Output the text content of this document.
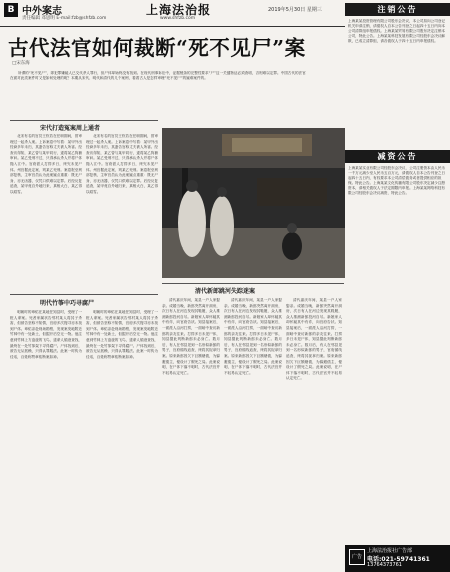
B 中外案志
责任编辑 邓思明 E-mail:fzb@shfzb.com
上海法治报
www.shfzb.com
2019年5月30日 星期三
古代法官如何裁断“死不见尸”案
□宋东海
所谓的“死不见尸”，即犯罪嫌疑人已交代杀人罪行，但尸体却始终没有找到。在现代刑事诉讼中，证据链条的完整性要求“尸”这一关键物证必须查明，否则难以定罪。中国古代的法官在面对此类案件时又是如何处理的呢？本期从宋代、明代和清代的几个案例，看看古人是怎样审理“死不见尸”的疑难案件的。
宋代打造冤案周上通者
北宋有名的官员王钦若在任职期间，曾审理过一起杀人案。上诉案卷中写着：某甲外出经商多年未归，其妻告官称丈夫被人所害。经查访得知，某乙曾与某甲同行，遂将某乙拘捕审问。某乙受刑不过，只得承认杀人并将尸体抛入江中。官府派人打捞多日，终究未见尸体。州官据此定案，判某乙死刑。案卷报至刑部复核，主审官员认为此案疑点重重：既无尸身，亦无凶器，仅凭口供难以定罪。后经反复追查，某甲竟自外地归来，真相大白，某乙得以昭雪。
北宋有名的官员王钦若在任职期间，曾审理过一起杀人案。上诉案卷中写着：某甲外出经商多年未归，其妻告官称丈夫被人所害。经查访得知，某乙曾与某甲同行，遂将某乙拘捕审问。某乙受刑不过，只得承认杀人并将尸体抛入江中。官府派人打捞多日，终究未见尸体。州官据此定案，判某乙死刑。案卷报至刑部复核，主审官员认为此案疑点重重：既无尸身，亦无凶器，仅凭口供难以定罪。后经反复追查，某甲竟自外地归来，真相大白，某乙得以昭雪。
清代新郎跳河失踪迷案
清代嘉庆年间，某县一户人家娶亲。成婚当晚，新郎突然离开洞房，次日有人在河边发现其鞋履，众人推测新郎投河自尽。新娘家人却怀疑其中有诈，向官府告状。知县接案后，一面派人沿河打捞，一面暗中查访新郎的亲友往来。打捞多日未见尸体，知县据此判断新郎未必身亡。数月后，有人在邻县见到一名形似新郎的男子，官府循线追查，终将其捉拿归案。原来新郎因欠下巨额赌债，为躲避债主，便设计了假死之局。此案说明，在尸体下落不明时，古代法官并不轻易认定死亡。
清代嘉庆年间，某县一户人家娶亲。成婚当晚，新郎突然离开洞房，次日有人在河边发现其鞋履，众人推测新郎投河自尽。新娘家人却怀疑其中有诈，向官府告状。知县接案后，一面派人沿河打捞，一面暗中查访新郎的亲友往来。打捞多日未见尸体，知县据此判断新郎未必身亡。数月后，有人在邻县见到一名形似新郎的男子，官府循线追查，终将其捉拿归案。原来新郎因欠下巨额赌债，为躲避债主，便设计了假死之局。此案说明，在尸体下落不明时，古代法官并不轻易认定死亡。
清代嘉庆年间，某县一户人家娶亲。成婚当晚，新郎突然离开洞房，次日有人在河边发现其鞋履，众人推测新郎投河自尽。新娘家人却怀疑其中有诈，向官府告状。知县接案后，一面派人沿河打捞，一面暗中查访新郎的亲友往来。打捞多日未见尸体，知县据此判断新郎未必身亡。数月后，有人在邻县见到一名形似新郎的男子，官府循线追查，终将其捉拿归案。原来新郎因欠下巨额赌债，为躲避债主，便设计了假死之局。此案说明，在尸体下落不明时，古代法官并不轻易认定死亡。
明代竹筝中巧寻腐尸
明朝时的章佑在某地任知县时，受理了一桩人命案。死者家属状告邻村某人将其子杀害，但被告坚称不知情，官府多次搜寻亦未找到尸体。章佑亲赴现场勘察，发现案发地附近竹林中有一处新土，但掘开后空无一物。他注意到竹林上方盘旋的飞鸟，遂命人循迹查找，最终在一处竹筝架下寻得腐尸。尸体找到后，被告无从抵赖，只得认罪服法。此案一时传为佳话，百姓称赞章佑断案如神。
明朝时的章佑在某地任知县时，受理了一桩人命案。死者家属状告邻村某人将其子杀害，但被告坚称不知情，官府多次搜寻亦未找到尸体。章佑亲赴现场勘察，发现案发地附近竹林中有一处新土，但掘开后空无一物。他注意到竹林上方盘旋的飞鸟，遂命人循迹查找，最终在一处竹筝架下寻得腐尸。尸体找到后，被告无从抵赖，只得认罪服法。此案一时传为佳话，百姓称赞章佑断案如神。
注销公告
上海某某投资管理有限公司股东会决议，本公司拟向公司登记机关申请注销，请债权人自本公告刊登之日起四十五日内向本公司清算组申报债权。上海某某贸易有限公司股东决定注销本公司，特此公告。上海某某科技发展有限公司经股东会决议解散，已成立清算组，请各债权人于四十五日内申报债权。
减资公告
上海某某实业有限公司经股东会决议，公司注册资本由人民币一千万元减少至人民币五百万元，请债权人自本公告刊登之日起四十五日内，有权要求本公司清偿债务或者提供相应的担保。特此公告。上海某某文化传播有限公司股东决定减少注册资本，请相关债权人于法定期限内申报。上海某某网络科技有限公司经股东会决议减资，特此公告。
广告
上海法治报社广告部
电话:021-59741361
13764373761
